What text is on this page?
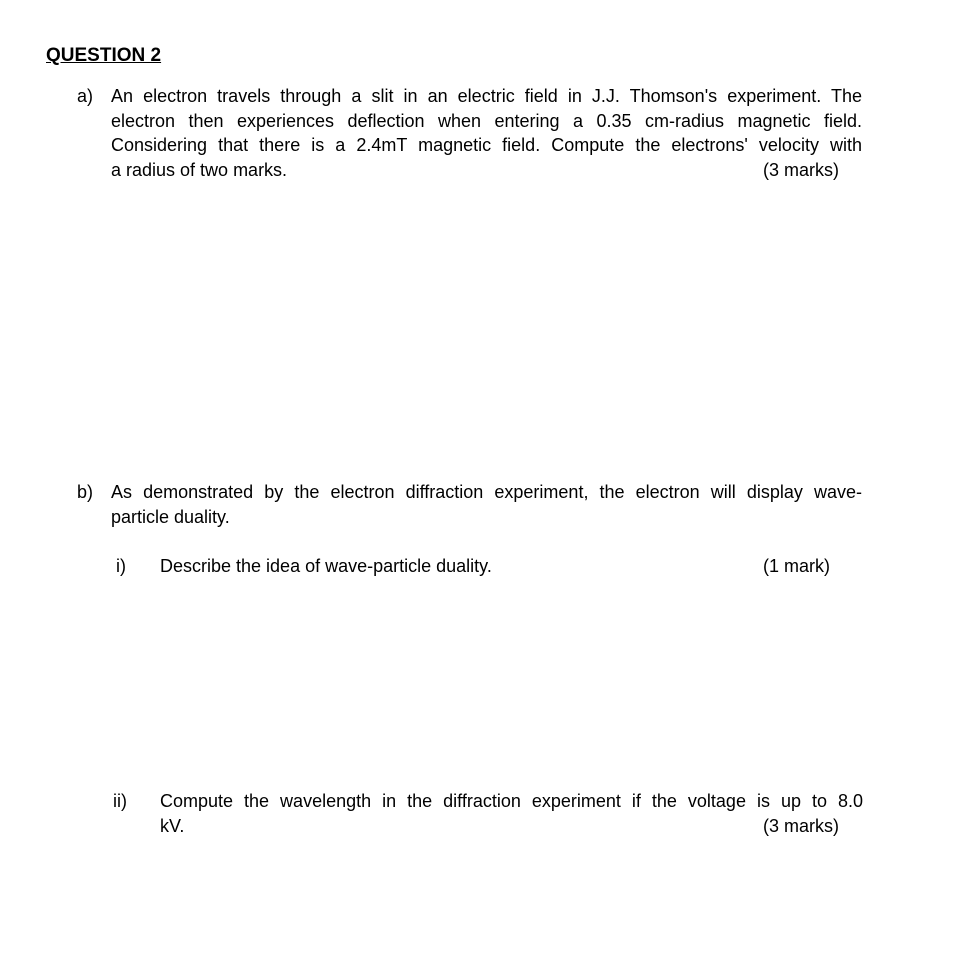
QUESTION 2
a) An electron travels through a slit in an electric field in J.J. Thomson's experiment. The
electron then experiences deflection when entering a 0.35 cm-radius magnetic field.
Considering that there is a 2.4mT magnetic field. Compute the electrons' velocity with
a radius of two marks.	(3 marks)
b) As demonstrated by the electron diffraction experiment, the electron will display wave-
particle duality.
i) Describe the idea of wave-particle duality.	(1 mark)
ii) Compute the wavelength in the diffraction experiment if the voltage is up to 8.0
kV.	(3 marks)
